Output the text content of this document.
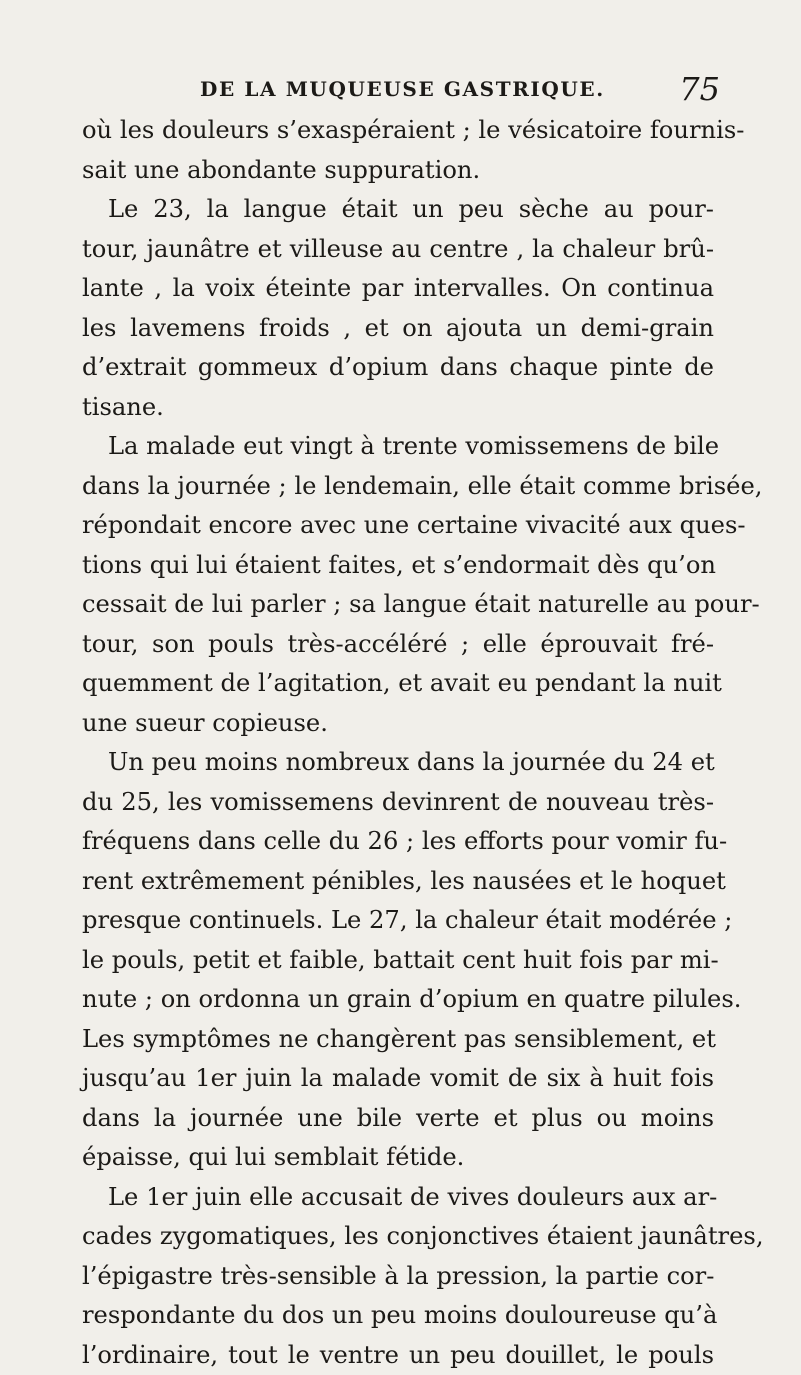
DE LA MUQUEUSE GASTRIQUE. 75
où les douleurs s’exaspéraient ; le vésicatoire fournis-
sait une abondante suppuration.
Le 23, la langue était un peu sèche au pour-
tour, jaunâtre et villeuse au centre , la chaleur brû-
lante , la voix éteinte par intervalles. On continua
les lavemens froids , et on ajouta un demi-grain
d’extrait gommeux d’opium dans chaque pinte de
tisane.
La malade eut vingt à trente vomissemens de bile
dans la journée ; le lendemain, elle était comme brisée,
répondait encore avec une certaine vivacité aux ques-
tions qui lui étaient faites, et s’endormait dès qu’on
cessait de lui parler ; sa langue était naturelle au pour-
tour, son pouls très-accéléré ; elle éprouvait fré-
quemment de l’agitation, et avait eu pendant la nuit
une sueur copieuse.
Un peu moins nombreux dans la journée du 24 et
du 25, les vomissemens devinrent de nouveau très-
fréquens dans celle du 26 ; les efforts pour vomir fu-
rent extrêmement pénibles, les nausées et le hoquet
presque continuels. Le 27, la chaleur était modérée ;
le pouls, petit et faible, battait cent huit fois par mi-
nute ; on ordonna un grain d’opium en quatre pilules.
Les symptômes ne changèrent pas sensiblement, et
jusqu’au 1er juin la malade vomit de six à huit fois
dans la journée une bile verte et plus ou moins
épaisse, qui lui semblait fétide.
Le 1er juin elle accusait de vives douleurs aux ar-
cades zygomatiques, les conjonctives étaient jaunâtres,
l’épigastre très-sensible à la pression, la partie cor-
respondante du dos un peu moins douloureuse qu’à
l’ordinaire, tout le ventre un peu douillet, le pouls
